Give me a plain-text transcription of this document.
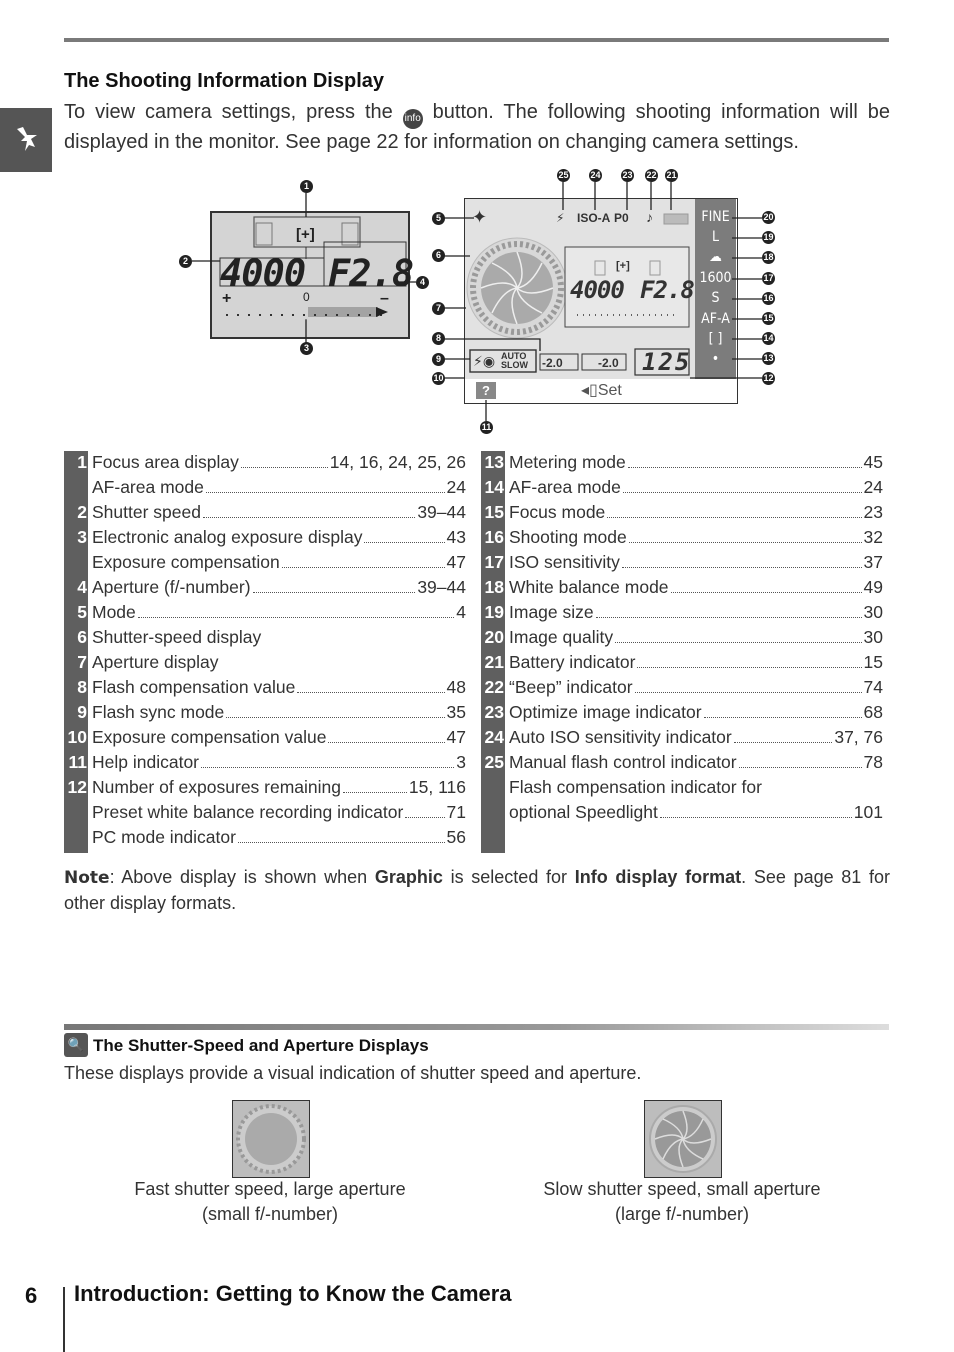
The Shooting Information Display
To view camera settings, press the info button. The following shooting information will be displayed in the monitor. See page 22 for information on changing camera settings.
[+]
4000 F2.8
+	0	–
[+]
4000 F2.8
✦	⚡ ISO-A P0 ♪
⚡◉ AUTO
SLOW -2.0	-2.0 125
?	◂▯Set
FINE
L
☁
1600
S
AF-A
[ ]
•
1
2
3
4
5
6
7
8
9
10
11
12
13
14
15
16
17
18
19
20
21
22
23
24
25
1 Focus area display	14, 16, 24, 25, 26
AF-area mode	24
2 Shutter speed	39–44
3 Electronic analog exposure display	43
Exposure compensation	47
4 Aperture (f/-number)	39–44
5 Mode	4
6 Shutter-speed display
7 Aperture display
8 Flash compensation value	48
9 Flash sync mode	35
10 Exposure compensation value	47
11 Help indicator	3
12 Number of exposures remaining	15, 116
Preset white balance recording indicator 71
PC mode indicator	56
13 Metering mode	45
14 AF-area mode	24
15 Focus mode	23
16 Shooting mode	32
17 ISO sensitivity	37
18 White balance mode	49
19 Image size	30
20 Image quality	30
21 Battery indicator	15
22 “Beep” indicator	74
23 Optimize image indicator	68
24 Auto ISO sensitivity indicator	37, 76
25 Manual flash control indicator	78
Flash compensation indicator for
optional Speedlight	101
Note: Above display is shown when Graphic is selected for Info display format. See page 81 for other display formats.
🔍 The Shutter-Speed and Aperture Displays
These displays provide a visual indication of shutter speed and aperture.
Fast shutter speed, large aperture
(small f/-number)
Slow shutter speed, small aperture
(large f/-number)
6 Introduction: Getting to Know the Camera
